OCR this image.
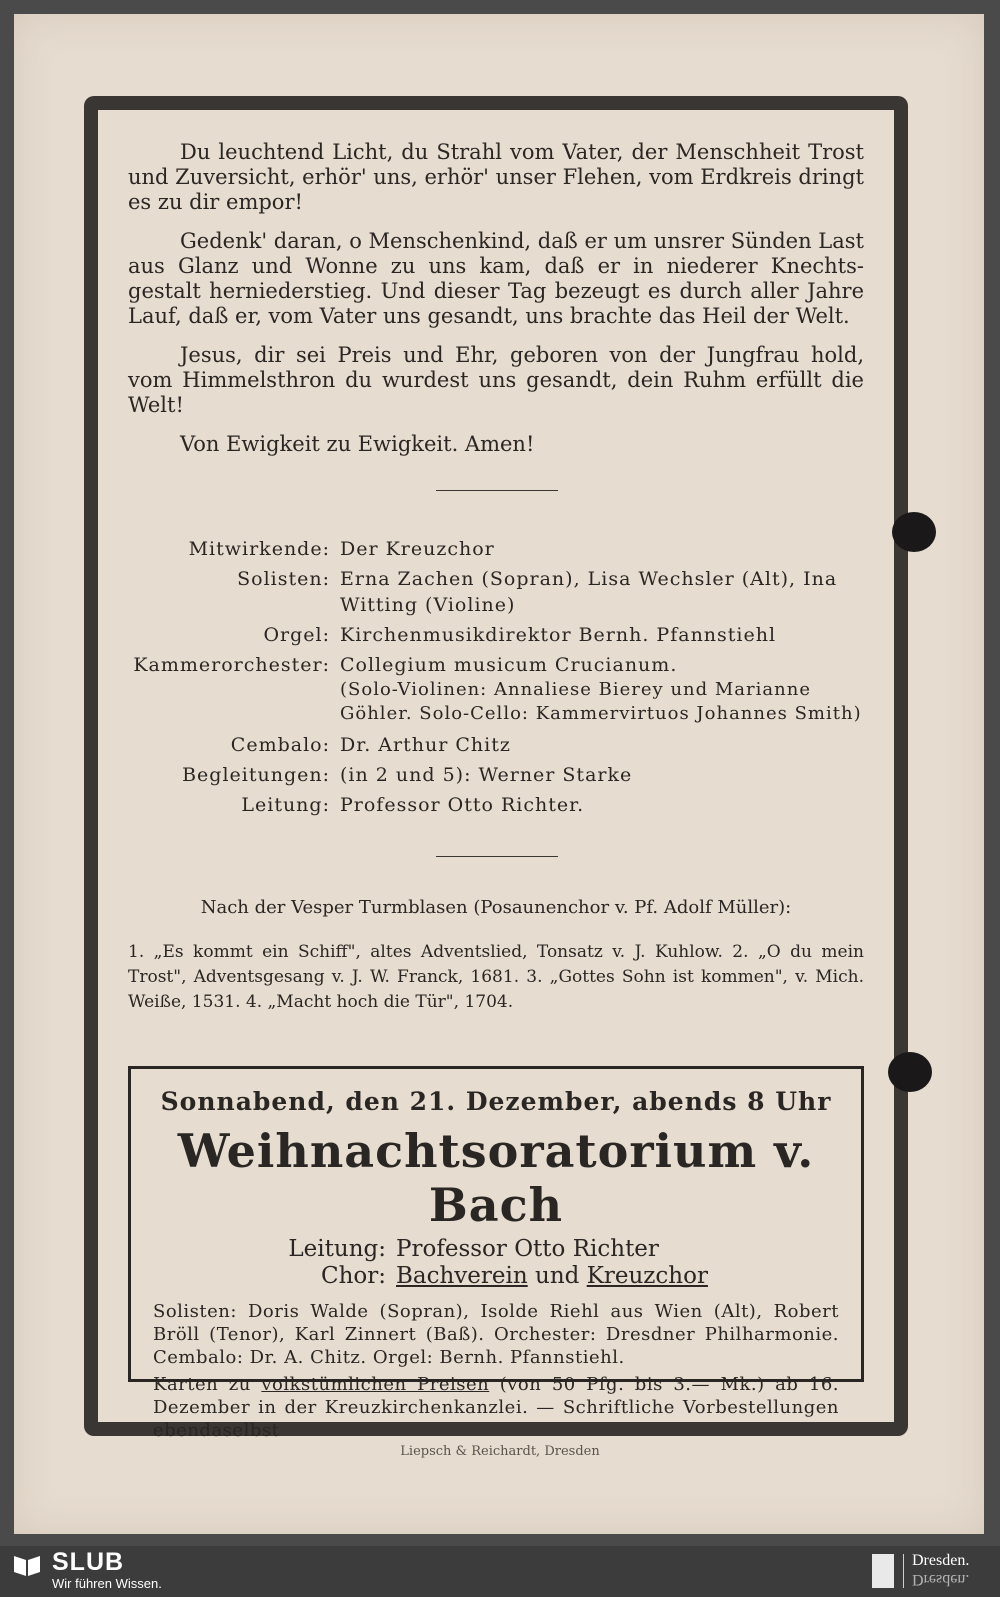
Du leuchtend Licht, du Strahl vom Vater, der Menschheit Trost und Zuversicht, erhör' uns, erhör' unser Flehen, vom Erdkreis dringt es zu dir empor!

Gedenk' daran, o Menschenkind, daß er um unsrer Sünden Last aus Glanz und Wonne zu uns kam, daß er in niederer Knechts-gestalt herniederstieg. Und dieser Tag bezeugt es durch aller Jahre Lauf, daß er, vom Vater uns gesandt, uns brachte das Heil der Welt.

Jesus, dir sei Preis und Ehr, geboren von der Jungfrau hold, vom Himmelsthron du wurdest uns gesandt, dein Ruhm erfüllt die Welt!

Von Ewigkeit zu Ewigkeit. Amen!

Mitwirkende: Der Kreuzchor
Solisten: Erna Zachen (Sopran), Lisa Wechsler (Alt), Ina Witting (Violine)
Orgel: Kirchenmusikdirektor Bernh. Pfannstiehl
Kammerorchester: Collegium musicum Crucianum.
(Solo-Violinen: Annaliese Bierey und Marianne Göhler. Solo-Cello: Kammervirtuos Johannes Smith)
Cembalo: Dr. Arthur Chitz
Begleitungen: (in 2 und 5): Werner Starke
Leitung: Professor Otto Richter.
Nach der Vesper Turmblasen (Posaunenchor v. Pf. Adolf Müller):
1. „Es kommt ein Schiff", altes Adventslied, Tonsatz v. J. Kuhlow. 2. „O du mein Trost", Adventsgesang v. J. W. Franck, 1681. 3. „Gottes Sohn ist kommen", v. Mich. Weiße, 1531. 4. „Macht hoch die Tür", 1704.
Sonnabend, den 21. Dezember, abends 8 Uhr
Weihnachtsoratorium v. Bach
Leitung: Professor Otto Richter
Chor: Bachverein und Kreuzchor
Solisten: Doris Walde (Sopran), Isolde Riehl aus Wien (Alt), Robert Bröll (Tenor), Karl Zinnert (Baß). Orchester: Dresdner Philharmonie. Cembalo: Dr. A. Chitz. Orgel: Bernh. Pfannstiehl.
Karten zu volkstümlichen Preisen (von 50 Pfg. bis 3.— Mk.) ab 16. Dezember in der Kreuzkirchenkanzlei. — Schriftliche Vorbestellungen ebendaselbst
Liepsch & Reichardt, Dresden
SLUB
Wir führen Wissen.
Dresden.
Dresden.
